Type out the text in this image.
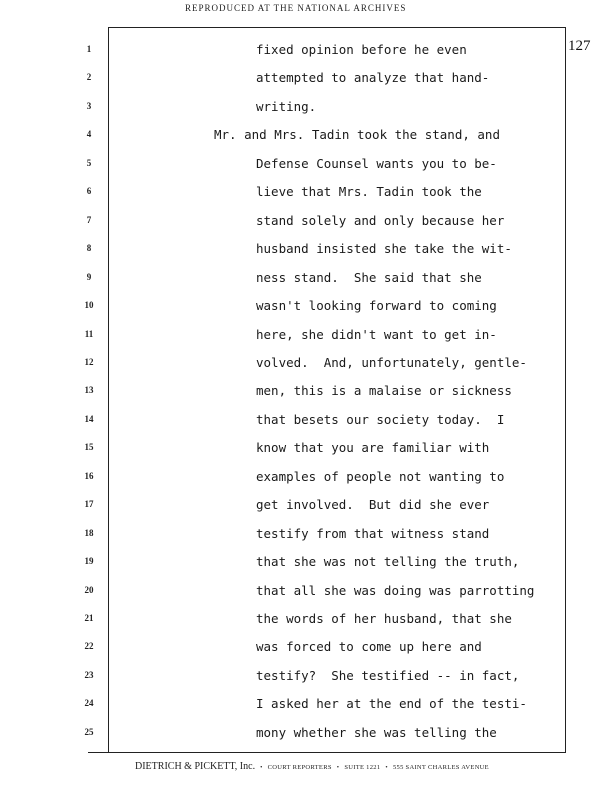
REPRODUCED AT THE NATIONAL ARCHIVES
127
1	fixed opinion before he even
2	attempted to analyze that hand-
3	writing.
4	Mr. and Mrs. Tadin took the stand, and
5	Defense Counsel wants you to be-
6	lieve that Mrs. Tadin took the
7	stand solely and only because her
8	husband insisted she take the wit-
9	ness stand.  She said that she
10	wasn't looking forward to coming
11	here, she didn't want to get in-
12	volved.  And, unfortunately, gentle-
13	men, this is a malaise or sickness
14	that besets our society today.  I
15	know that you are familiar with
16	examples of people not wanting to
17	get involved.  But did she ever
18	testify from that witness stand
19	that she was not telling the truth,
20	that all she was doing was parrotting
21	the words of her husband, that she
22	was forced to come up here and
23	testify?  She testified -- in fact,
24	I asked her at the end of the testi-
25	mony whether she was telling the
DIETRICH & PICKETT, Inc. • COURT REPORTERS • SUITE 1221 • 555 SAINT CHARLES AVENUE
